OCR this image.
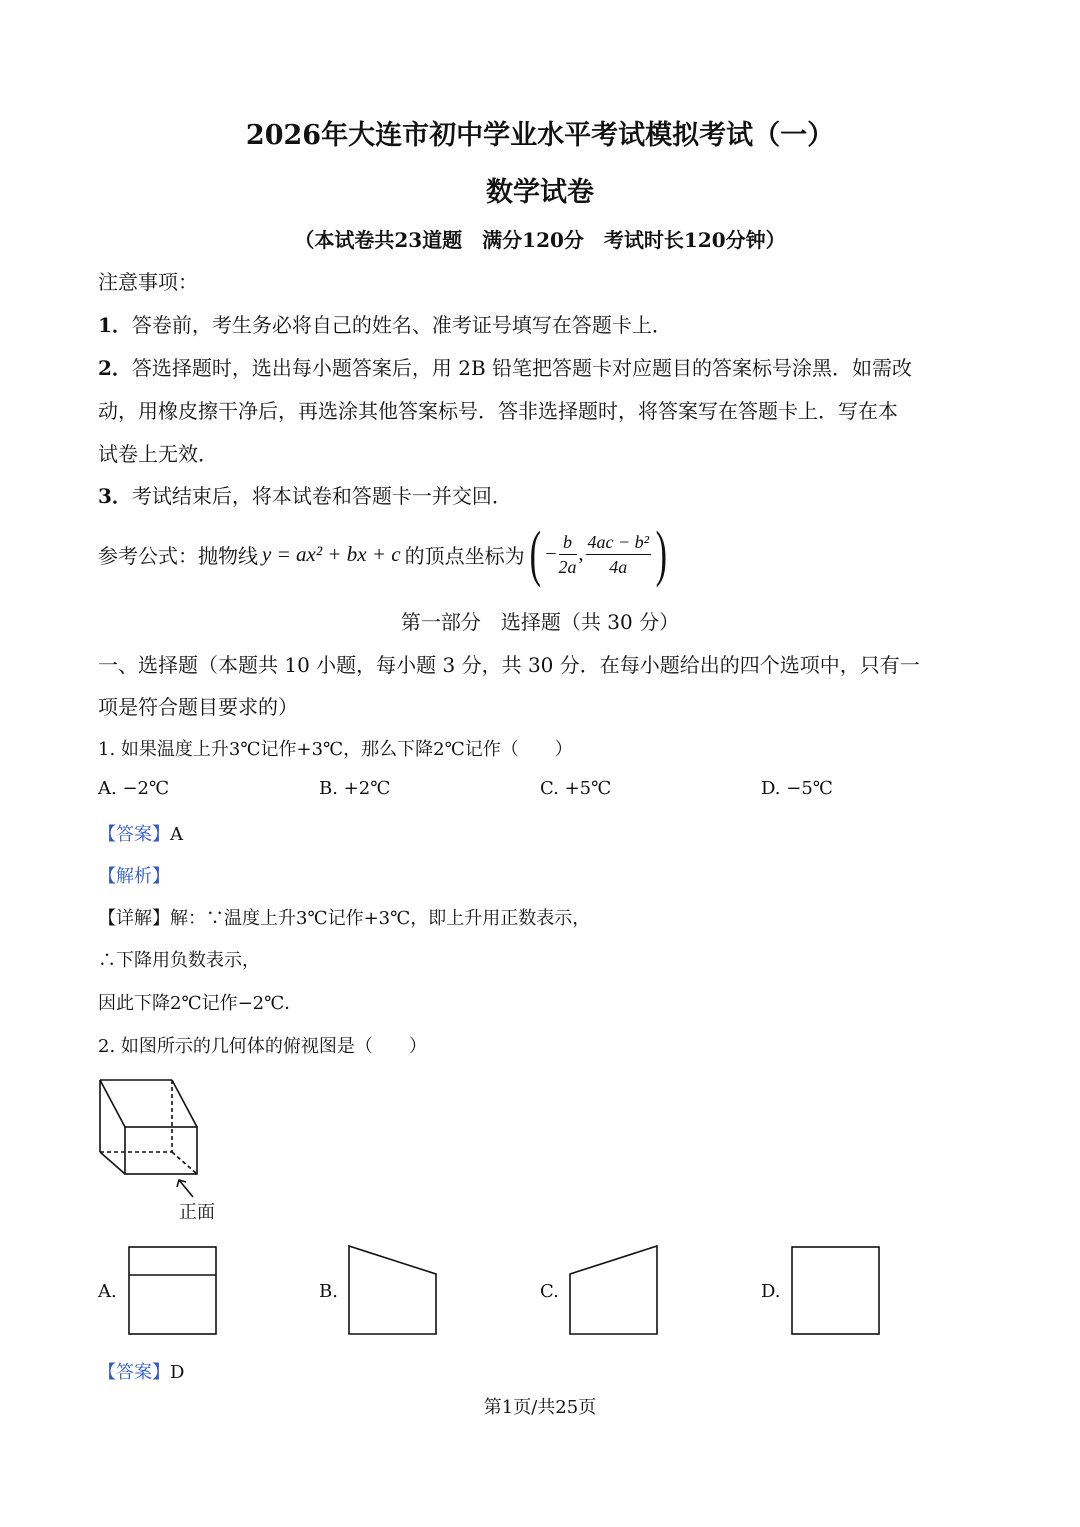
2026年大连市初中学业水平考试模拟考试（一）
数学试卷
（本试卷共23道题　满分120分　考试时长120分钟）
注意事项：
1．答卷前，考生务必将自己的姓名、准考证号填写在答题卡上．
2．答选择题时，选出每小题答案后，用 2B 铅笔把答题卡对应题目的答案标号涂黑．如需改
动，用橡皮擦干净后，再选涂其他答案标号．答非选择题时，将答案写在答题卡上．写在本
试卷上无效．
3．考试结束后，将本试卷和答题卡一并交回．
参考公式：抛物线 y = ax² + bx + c 的顶点坐标为 ( − $\frac{b}{2a}$ , $\frac{\text{4ac − b²}}{4a}$ )
第一部分　选择题（共 30 分）
一、选择题（本题共 10 小题，每小题 3 分，共 30 分．在每小题给出的四个选项中，只有一
项是符合题目要求的）
1. 如果温度上升3℃记作+3℃，那么下降2℃记作（　　）
A. −2℃	B. +2℃	C. +5℃	D. −5℃
【答案】A
【解析】
【详解】解：∵温度上升3℃记作+3℃，即上升用正数表示，
∴下降用负数表示，
因此下降2℃记作−2℃．
2. 如图所示的几何体的俯视图是（　　）
正面
A.	B.	C.	D.
【答案】D
第1页/共25页
